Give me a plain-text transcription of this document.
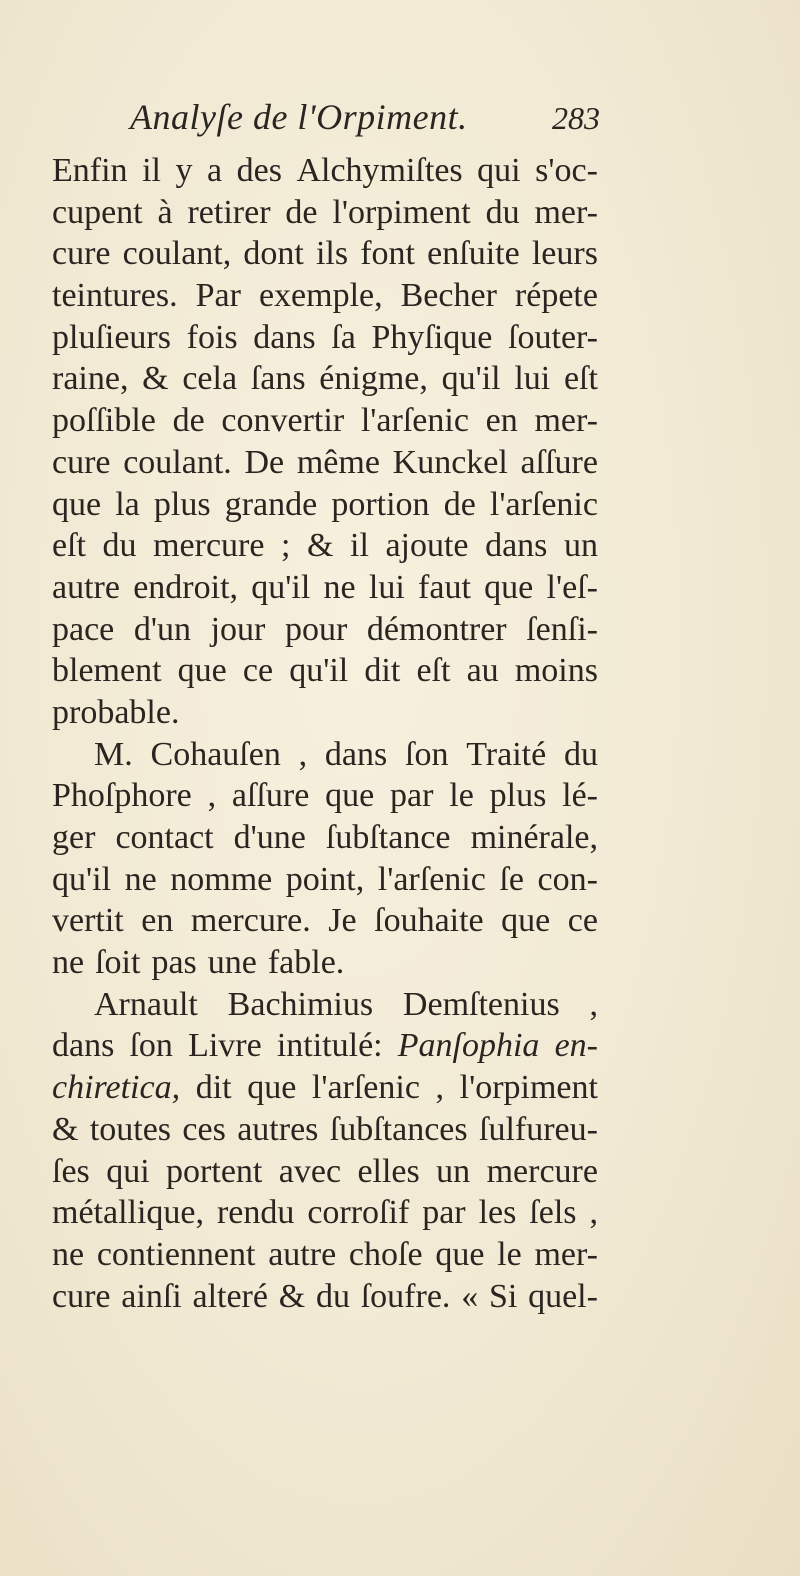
Analyſe de l'Orpiment.	283
Enfin il y a des Alchymiſtes qui s'oc-
cupent à retirer de l'orpiment du mer-
cure coulant, dont ils font enſuite leurs
teintures. Par exemple, Becher répete
pluſieurs fois dans ſa Phyſique ſouter-
raine, & cela ſans énigme, qu'il lui eſt
poſſible de convertir l'arſenic en mer-
cure coulant. De même Kunckel aſſure
que la plus grande portion de l'arſenic
eſt du mercure ; & il ajoute dans un
autre endroit, qu'il ne lui faut que l'eſ-
pace d'un jour pour démontrer ſenſi-
blement que ce qu'il dit eſt au moins
probable.
M. Cohauſen , dans ſon Traité du
Phoſphore , aſſure que par le plus lé-
ger contact d'une ſubſtance minérale,
qu'il ne nomme point, l'arſenic ſe con-
vertit en mercure. Je ſouhaite que ce
ne ſoit pas une fable.
Arnault Bachimius Demſtenius ,
dans ſon Livre intitulé: Panſophia en-
chiretica, dit que l'arſenic , l'orpiment
& toutes ces autres ſubſtances ſulfureu-
ſes qui portent avec elles un mercure
métallique, rendu corroſif par les ſels ,
ne contiennent autre choſe que le mer-
cure ainſi alteré & du ſoufre. « Si quel-
